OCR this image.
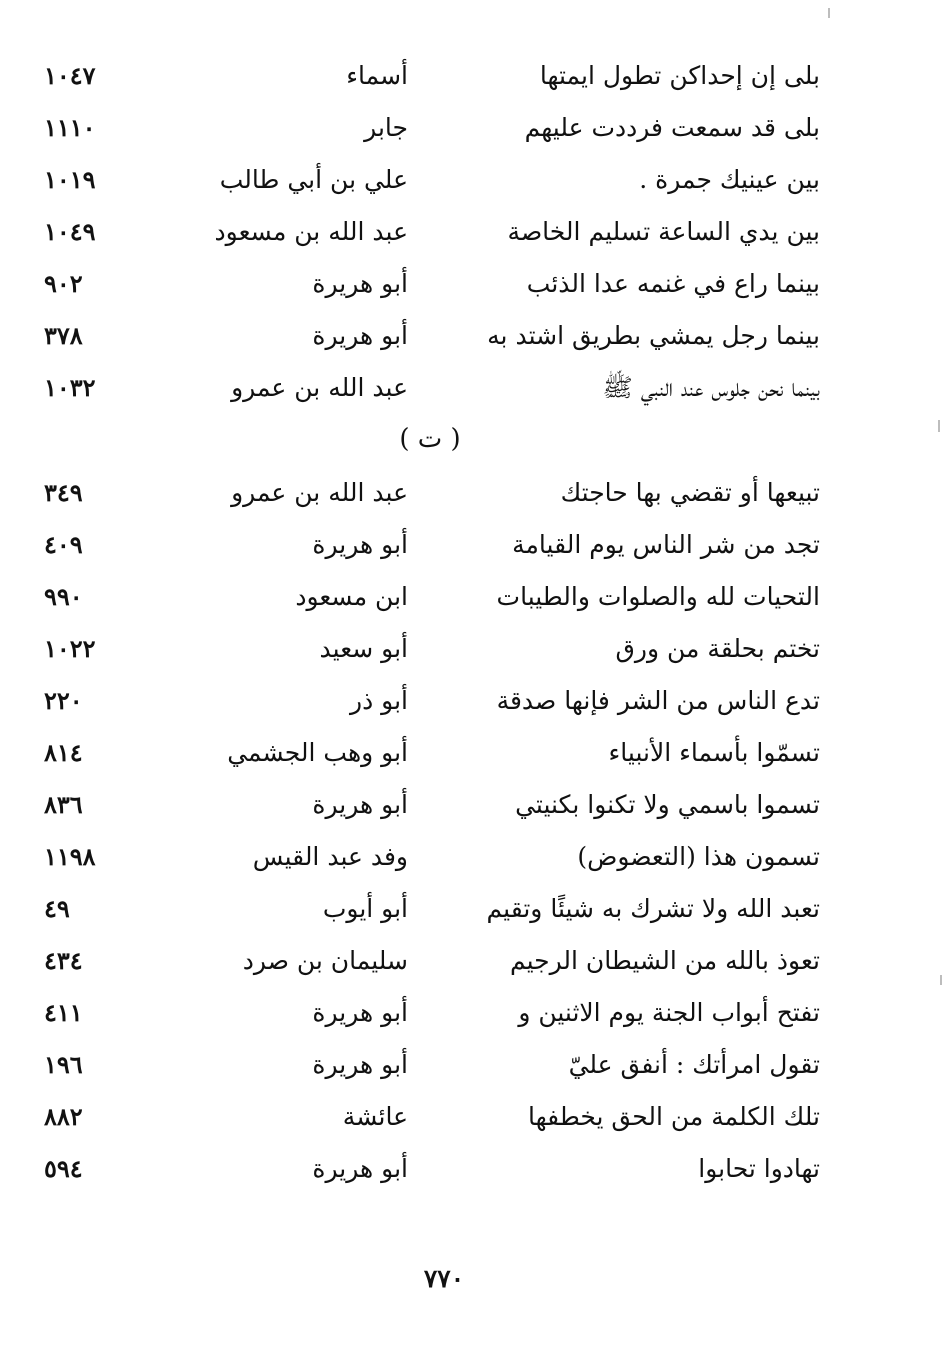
بلى إن إحداكن تطول ايمتها
أسماء
١٠٤٧
بلى قد سمعت فرددت عليهم
جابر
١١١٠
بين عينيك جمرة .
علي بن أبي طالب
١٠١٩
بين يدي الساعة تسليم الخاصة
عبد الله بن مسعود
١٠٤٩
بينما راع في غنمه عدا الذئب
أبو هريرة
٩٠٢
بينما رجل يمشي بطريق اشتد به
أبو هريرة
٣٧٨
بينما نحن جلوس عند النبي ﷺ
عبد الله بن عمرو
١٠٣٢
( ت )
تبيعها أو تقضي بها حاجتك
عبد الله بن عمرو
٣٤٩
تجد من شر الناس يوم القيامة
أبو هريرة
٤٠٩
التحيات لله والصلوات والطيبات
ابن مسعود
٩٩٠
تختم بحلقة من ورق
أبو سعيد
١٠٢٢
تدع الناس من الشر فإنها صدقة
أبو ذر
٢٢٠
تسمّوا بأسماء الأنبياء
أبو وهب الجشمي
٨١٤
تسموا باسمي ولا تكنوا بكنيتي
أبو هريرة
٨٣٦
تسمون هذا (التعضوض)
وفد عبد القيس
١١٩٨
تعبد الله ولا تشرك به شيئًا وتقيم
أبو أيوب
٤٩
تعوذ بالله من الشيطان الرجيم
سليمان بن صرد
٤٣٤
تفتح أبواب الجنة يوم الاثنين و
أبو هريرة
٤١١
تقول امرأتك : أنفق عليّ
أبو هريرة
١٩٦
تلك الكلمة من الحق يخطفها
عائشة
٨٨٢
تهادوا تحابوا
أبو هريرة
٥٩٤
٧٧٠
